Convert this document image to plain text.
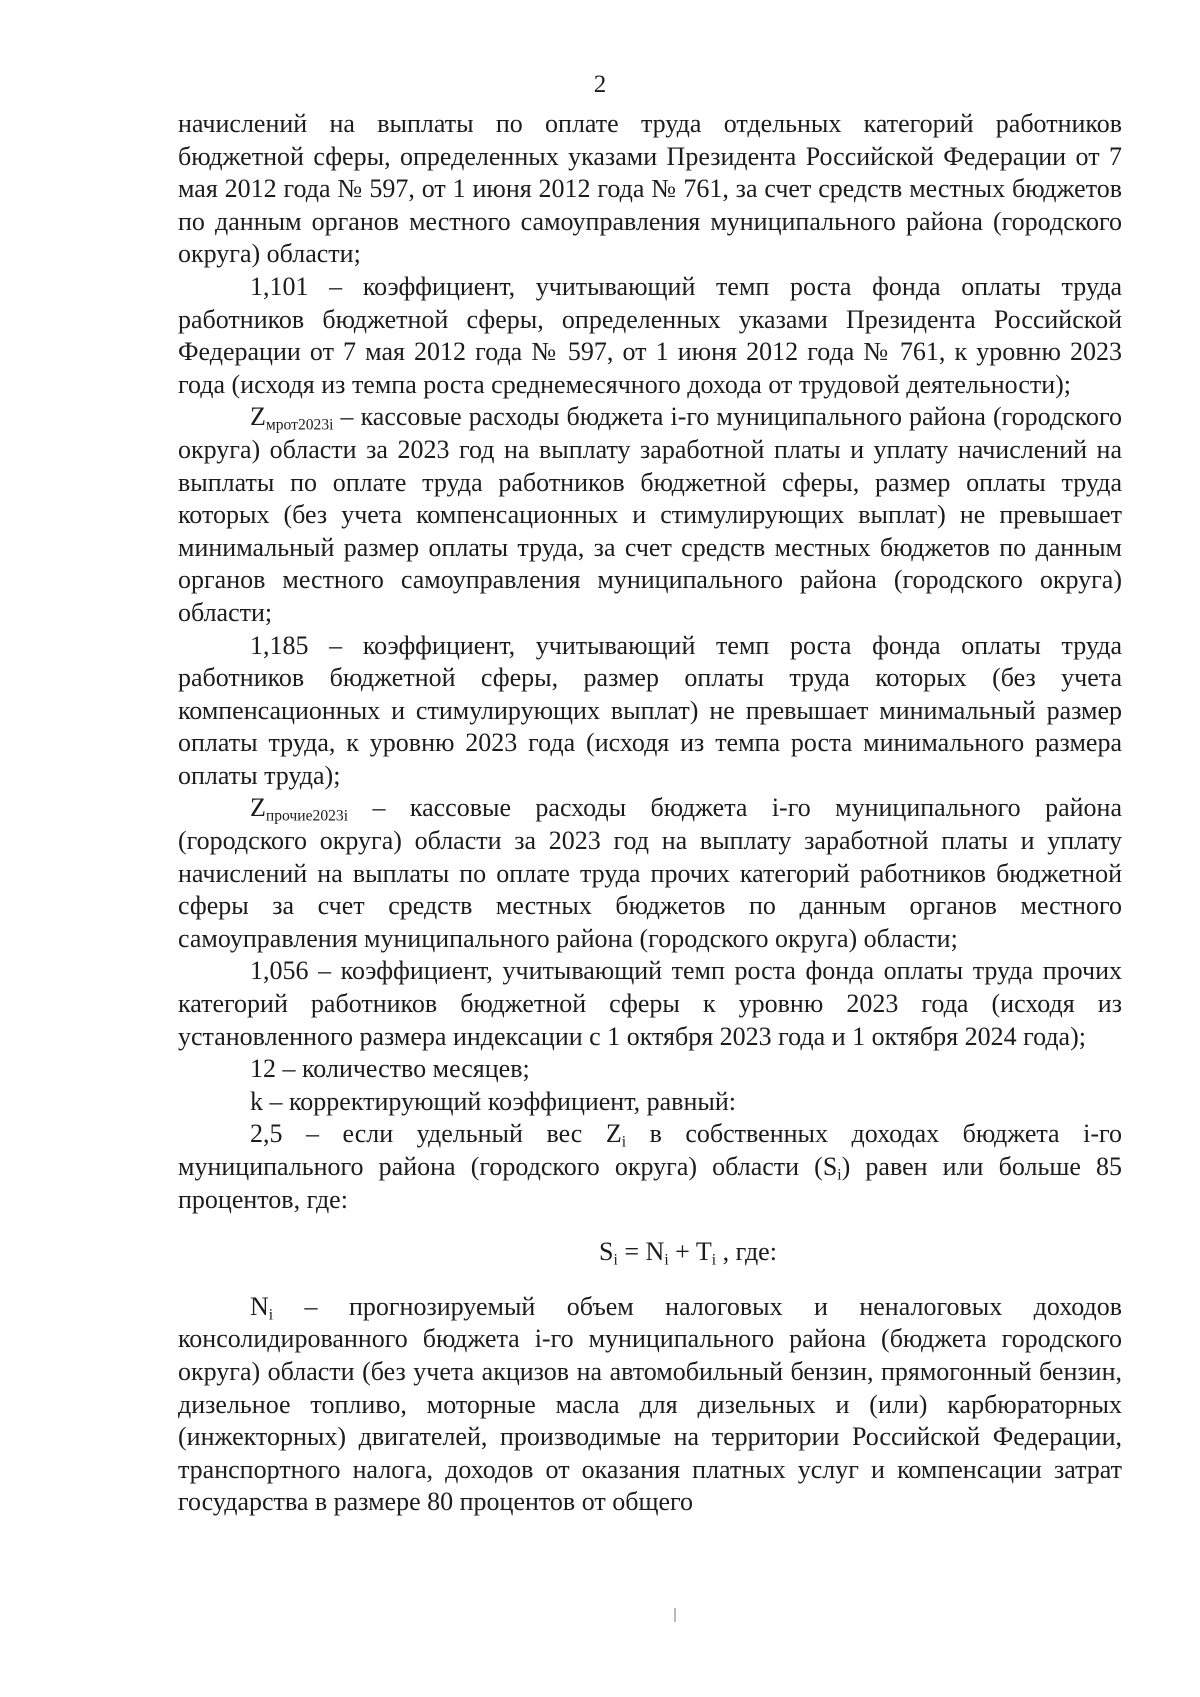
2

начислений на выплаты по оплате труда отдельных категорий работников бюджетной сферы, определенных указами Президента Российской Федерации от 7 мая 2012 года № 597, от 1 июня 2012 года № 761, за счет средств местных бюджетов по данным органов местного самоуправления муниципального района (городского округа) области;

1,101 – коэффициент, учитывающий темп роста фонда оплаты труда работников бюджетной сферы, определенных указами Президента Российской Федерации от 7 мая 2012 года № 597, от 1 июня 2012 года № 761, к уровню 2023 года (исходя из темпа роста среднемесячного дохода от трудовой деятельности);

$Z_{мрот2023i}$ – кассовые расходы бюджета i-го муниципального района (городского округа) области за 2023 год на выплату заработной платы и уплату начислений на выплаты по оплате труда работников бюджетной сферы, размер оплаты труда которых (без учета компенсационных и стимулирующих выплат) не превышает минимальный размер оплаты труда, за счет средств местных бюджетов по данным органов местного самоуправления муниципального района (городского округа) области;

1,185 – коэффициент, учитывающий темп роста фонда оплаты труда работников бюджетной сферы, размер оплаты труда которых (без учета компенсационных и стимулирующих выплат) не превышает минимальный размер оплаты труда, к уровню 2023 года (исходя из темпа роста минимального размера оплаты труда);

$Z_{прочие2023i}$ – кассовые расходы бюджета i-го муниципального района (городского округа) области за 2023 год на выплату заработной платы и уплату начислений на выплаты по оплате труда прочих категорий работников бюджетной сферы за счет средств местных бюджетов по данным органов местного самоуправления муниципального района (городского округа) области;

1,056 – коэффициент, учитывающий темп роста фонда оплаты труда прочих категорий работников бюджетной сферы к уровню 2023 года (исходя из установленного размера индексации с 1 октября 2023 года и 1 октября 2024 года);

12 – количество месяцев;

k – корректирующий коэффициент, равный:

2,5 – если удельный вес $Z_i$ в собственных доходах бюджета i-го муниципального района (городского округа) области $(S_i)$ равен или больше 85 процентов, где:

$S_i = N_i + T_i$ , где:

$N_i$ – прогнозируемый объем налоговых и неналоговых доходов консолидированного бюджета i-го муниципального района (бюджета городского округа) области (без учета акцизов на автомобильный бензин, прямогонный бензин, дизельное топливо, моторные масла для дизельных и (или) карбюраторных (инжекторных) двигателей, производимые на территории Российской Федерации, транспортного налога, доходов от оказания платных услуг и компенсации затрат государства в размере 80 процентов от общего
